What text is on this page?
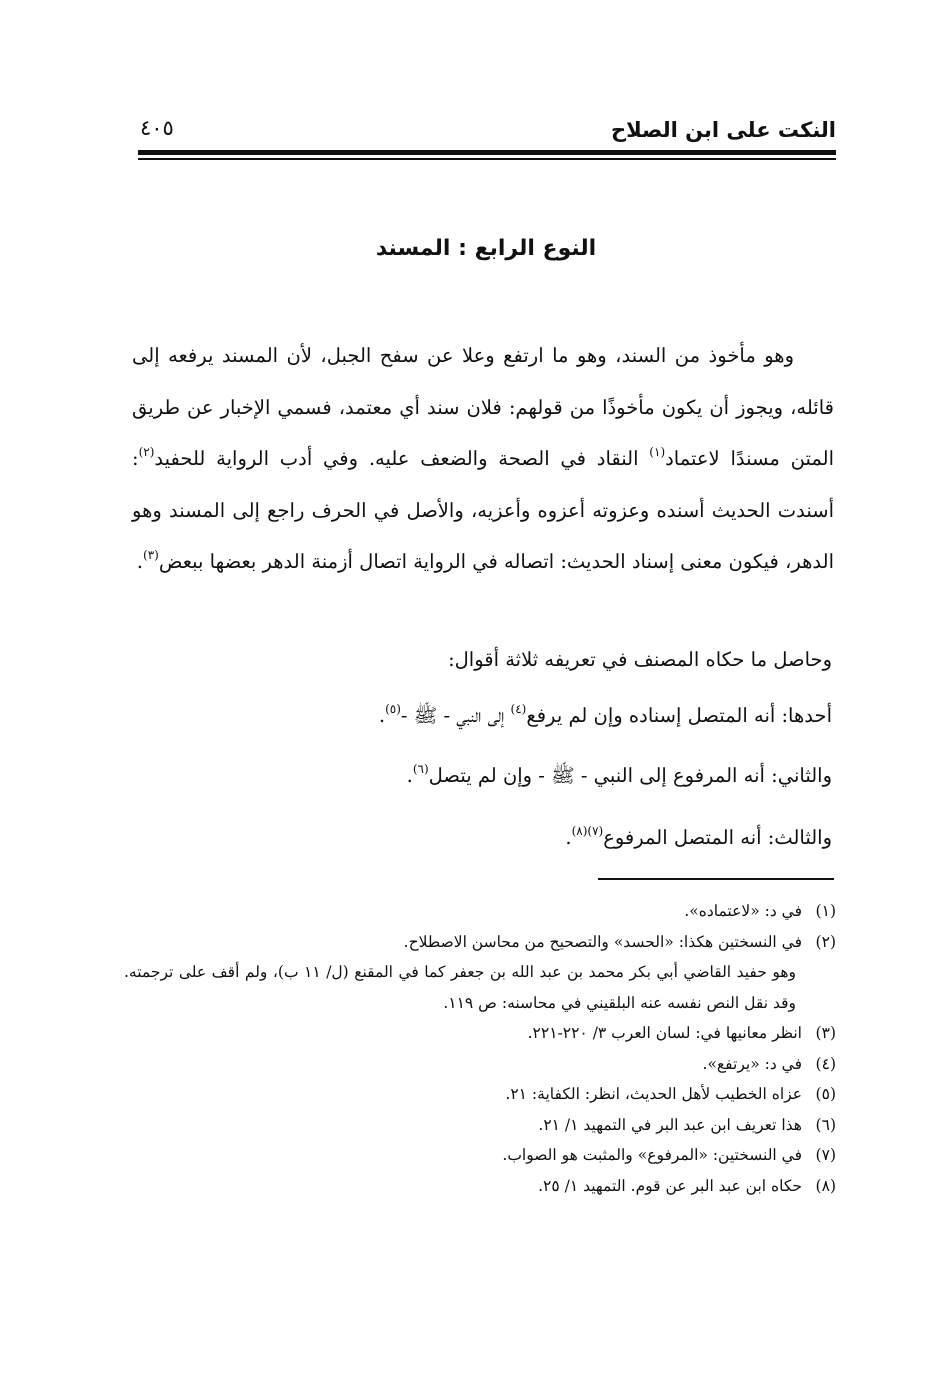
النكت على ابن الصلاح
٤٠٥
النوع الرابع : المسند

وهو مأخوذ من السند، وهو ما ارتفع وعلا عن سفح الجبل، لأن المسند يرفعه إلى قائله، ويجوز أن يكون مأخوذًا من قولهم: فلان سند أي معتمد، فسمي الإخبار عن طريق المتن مسندًا لاعتماد$^{(١)}$ النقاد في الصحة والضعف عليه. وفي أدب الرواية للحفيد$^{(٢)}$: أسندت الحديث أسنده وعزوته أعزوه وأعزيه، والأصل في الحرف راجع إلى المسند وهو الدهر، فيكون معنى إسناد الحديث: اتصاله في الرواية اتصال أزمنة الدهر بعضها ببعض$^{(٣)}$.

وحاصل ما حكاه المصنف في تعريفه ثلاثة أقوال:
أحدها: أنه المتصل إسناده وإن لم يرفع$^{(٤)}$ إلى النبي - ﷺ -$^{(٥)}$.
والثاني: أنه المرفوع إلى النبي - ﷺ - وإن لم يتصل$^{(٦)}$.
والثالث: أنه المتصل المرفوع$^{(٧)(٨)}$.
(١)
في د: «لاعتماده».
(٢)
في النسختين هكذا: «الحسد» والتصحيح من محاسن الاصطلاح.
وهو حفيد القاضي أبي بكر محمد بن عبد الله بن جعفر كما في المقنع (ل/ ١١ ب)، ولم أقف على ترجمته. وقد نقل النص نفسه عنه البلقيني في محاسنه: ص ١١٩.
(٣)
انظر معانيها في: لسان العرب ٣/ ٢٢٠-٢٢١.
(٤)
في د: «يرتفع».
(٥)
عزاه الخطيب لأهل الحديث، انظر: الكفاية: ٢١.
(٦)
هذا تعريف ابن عبد البر في التمهيد ١/ ٢١.
(٧)
في النسختين: «المرفوع» والمثبت هو الصواب.
(٨)
حكاه ابن عبد البر عن قوم. التمهيد ١/ ٢٥.
